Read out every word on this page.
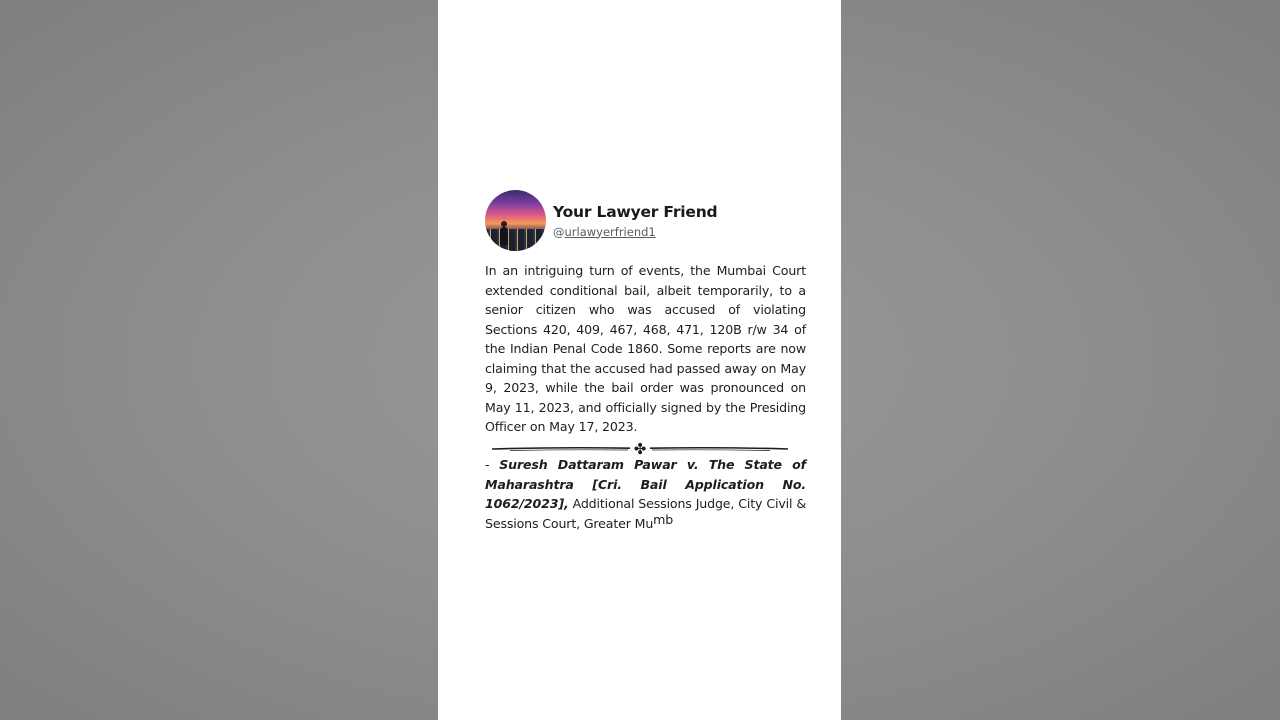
Your Lawyer Friend
@urlawyerfriend1
In an intriguing turn of events, the Mumbai Court extended conditional bail, albeit temporarily, to a senior citizen who was accused of violating Sections 420, 409, 467, 468, 471, 120B r/w 34 of the Indian Penal Code 1860. Some reports are now claiming that the accused had passed away on May 9, 2023, while the bail order was pronounced on May 11, 2023, and officially signed by the Presiding Officer on May 17, 2023.
✤
- Suresh Dattaram Pawar v. The State of Maharashtra [Cri. Bail Application No. 1062/2023], Additional Sessions Judge, City Civil & Sessions Court, Greater Mumb
